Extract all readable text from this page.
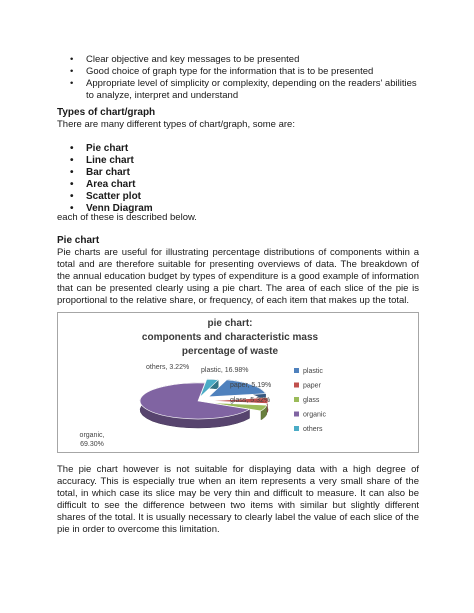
• Clear objective and key messages to be presented
• Good choice of graph type for the information that is to be presented
• Appropriate level of simplicity or complexity, depending on the readers' abilities to analyze, interpret and understand
Types of chart/graph
There are many different types of chart/graph, some are:
• Pie chart
• Line chart
• Bar chart
• Area chart
• Scatter plot
• Venn Diagram
each of these is described below.
Pie chart

Pie charts are useful for illustrating percentage distributions of components within a total and are therefore suitable for presenting overviews of data. The breakdown of the annual education budget by types of expenditure is a good example of information that can be presented clearly using a pie chart. The area of each slice of the pie is proportional to the relative share, or frequency, of each item that makes up the total.

pie chart:
components and characteristic mass
percentage of waste
plastic, 16.98%
paper, 5.19%
glass, 5.32%
organic,
69.30%
others, 3.22%
plastic
paper
glass
organic
others

The pie chart however is not suitable for displaying data with a high degree of accuracy. This is especially true when an item represents a very small share of the total, in which case its slice may be very thin and difficult to measure. It can also be difficult to see the difference between two items with similar but slightly different shares of the total. It is usually necessary to clearly label the value of each slice of the pie in order to overcome this limitation.
